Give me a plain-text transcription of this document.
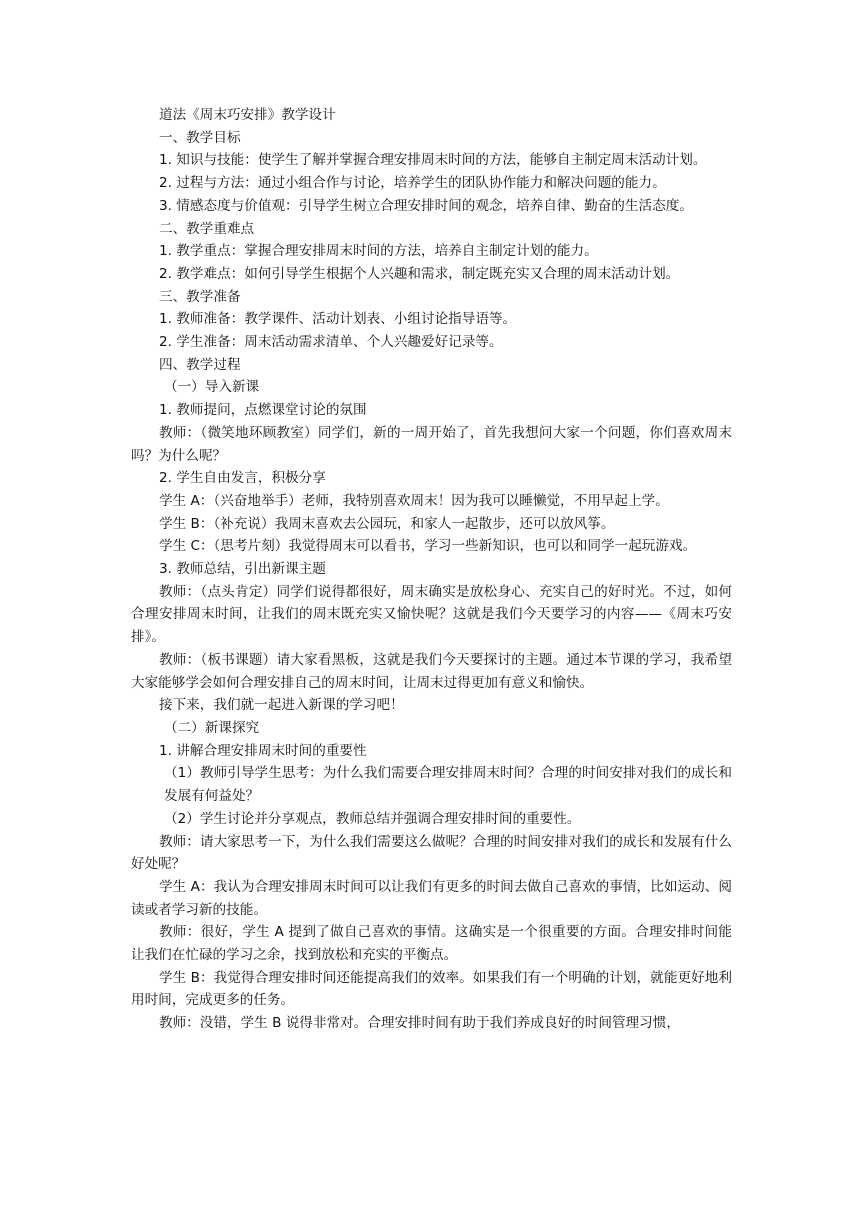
道法《周末巧安排》教学设计

一、教学目标

1. 知识与技能：使学生了解并掌握合理安排周末时间的方法，能够自主制定周末活动计划。

2. 过程与方法：通过小组合作与讨论，培养学生的团队协作能力和解决问题的能力。

3. 情感态度与价值观：引导学生树立合理安排时间的观念，培养自律、勤奋的生活态度。

二、教学重难点

1. 教学重点：掌握合理安排周末时间的方法，培养自主制定计划的能力。

2. 教学难点：如何引导学生根据个人兴趣和需求，制定既充实又合理的周末活动计划。

三、教学准备

1. 教师准备：教学课件、活动计划表、小组讨论指导语等。

2. 学生准备：周末活动需求清单、个人兴趣爱好记录等。

四、教学过程

（一）导入新课

1. 教师提问，点燃课堂讨论的氛围

教师：（微笑地环顾教室）同学们，新的一周开始了，首先我想问大家一个问题，你们喜欢周末吗？为什么呢？

2. 学生自由发言，积极分享

学生 A：（兴奋地举手）老师，我特别喜欢周末！因为我可以睡懒觉，不用早起上学。

学生 B：（补充说）我周末喜欢去公园玩，和家人一起散步，还可以放风筝。

学生 C：（思考片刻）我觉得周末可以看书，学习一些新知识，也可以和同学一起玩游戏。

3. 教师总结，引出新课主题

教师：（点头肯定）同学们说得都很好，周末确实是放松身心、充实自己的好时光。不过，如何合理安排周末时间，让我们的周末既充实又愉快呢？这就是我们今天要学习的内容——《周末巧安排》。

教师：（板书课题）请大家看黑板，这就是我们今天要探讨的主题。通过本节课的学习，我希望大家能够学会如何合理安排自己的周末时间，让周末过得更加有意义和愉快。

接下来，我们就一起进入新课的学习吧！

（二）新课探究

1. 讲解合理安排周末时间的重要性

（1）教师引导学生思考：为什么我们需要合理安排周末时间？合理的时间安排对我们的成长和发展有何益处？

（2）学生讨论并分享观点，教师总结并强调合理安排时间的重要性。

教师：请大家思考一下，为什么我们需要这么做呢？合理的时间安排对我们的成长和发展有什么好处呢？

学生 A：我认为合理安排周末时间可以让我们有更多的时间去做自己喜欢的事情，比如运动、阅读或者学习新的技能。

教师：很好，学生 A 提到了做自己喜欢的事情。这确实是一个很重要的方面。合理安排时间能让我们在忙碌的学习之余，找到放松和充实的平衡点。

学生 B：我觉得合理安排时间还能提高我们的效率。如果我们有一个明确的计划，就能更好地利用时间，完成更多的任务。

教师：没错，学生 B 说得非常对。合理安排时间有助于我们养成良好的时间管理习惯，
